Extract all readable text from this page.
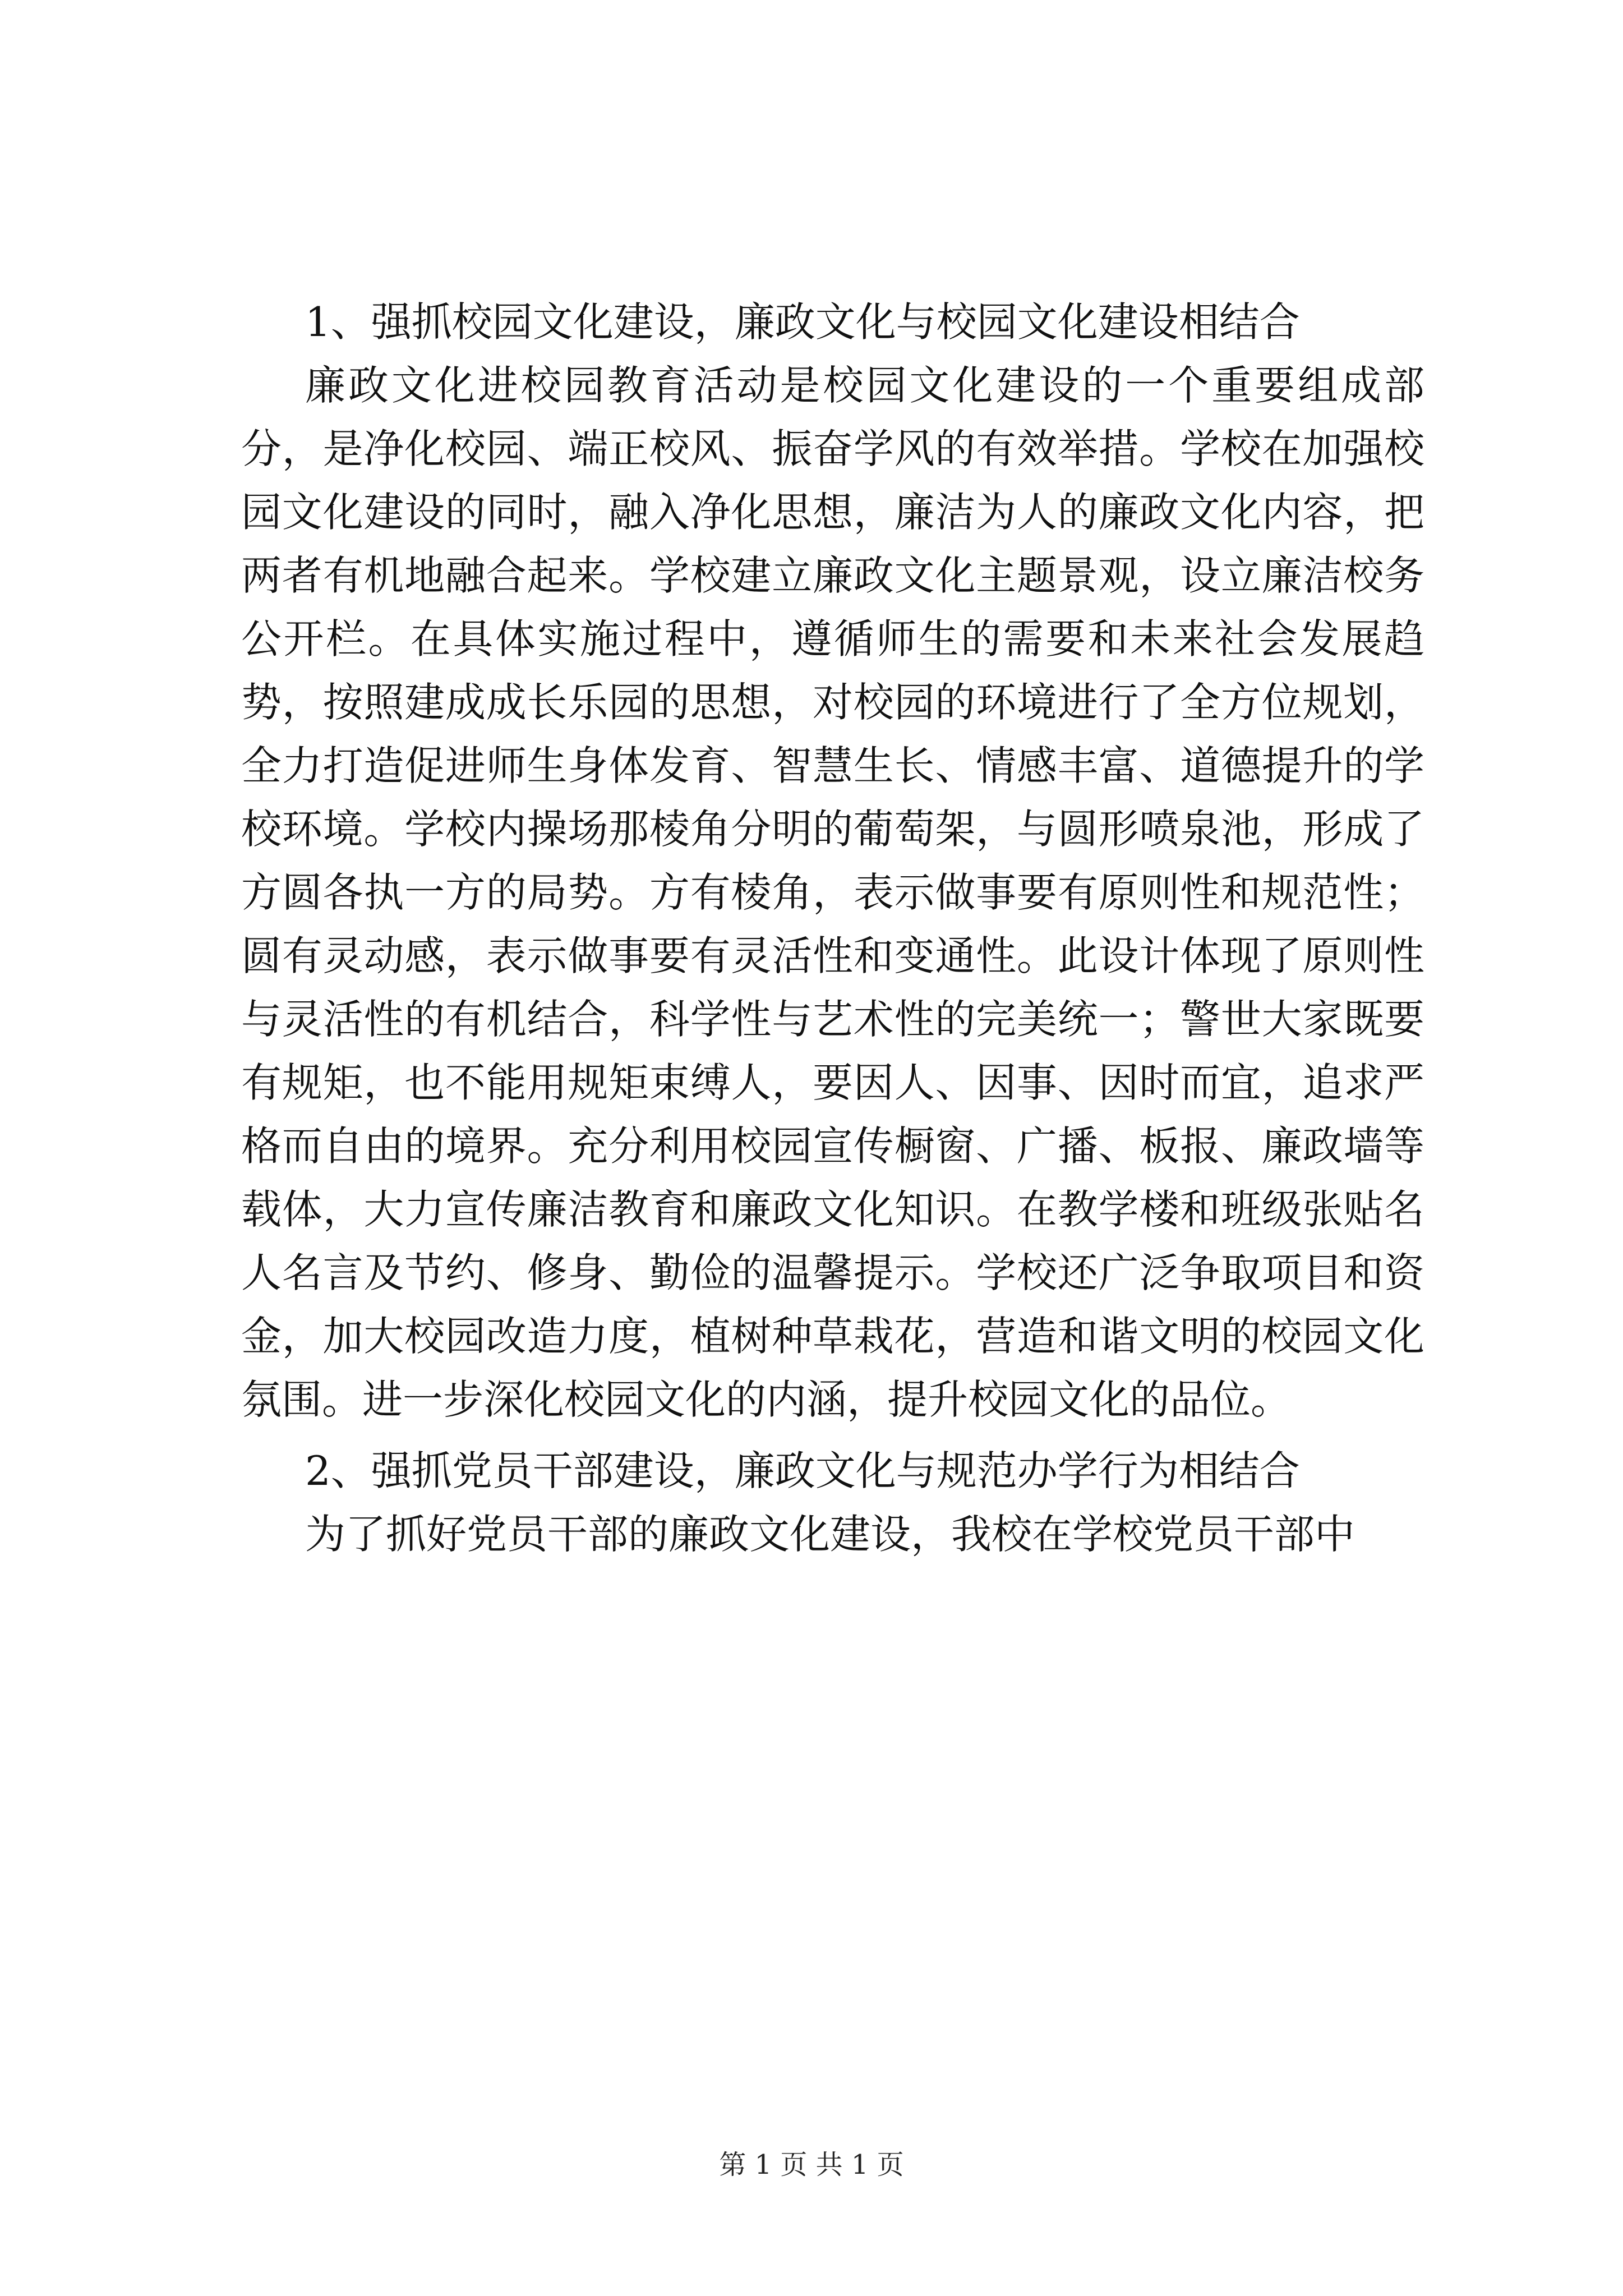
1、强抓校园文化建设，廉政文化与校园文化建设相结合

廉政文化进校园教育活动是校园文化建设的一个重要组成部分，是净化校园、端正校风、振奋学风的有效举措。学校在加强校园文化建设的同时，融入净化思想，廉洁为人的廉政文化内容，把两者有机地融合起来。学校建立廉政文化主题景观，设立廉洁校务公开栏。在具体实施过程中，遵循师生的需要和未来社会发展趋势，按照建成成长乐园的思想，对校园的环境进行了全方位规划，全力打造促进师生身体发育、智慧生长、情感丰富、道德提升的学校环境。学校内操场那棱角分明的葡萄架，与圆形喷泉池，形成了方圆各执一方的局势。方有棱角，表示做事要有原则性和规范性；圆有灵动感，表示做事要有灵活性和变通性。此设计体现了原则性与灵活性的有机结合，科学性与艺术性的完美统一；警世大家既要有规矩，也不能用规矩束缚人，要因人、因事、因时而宜，追求严格而自由的境界。充分利用校园宣传橱窗、广播、板报、廉政墙等载体，大力宣传廉洁教育和廉政文化知识。在教学楼和班级张贴名人名言及节约、修身、勤俭的温馨提示。学校还广泛争取项目和资金，加大校园改造力度，植树种草栽花，营造和谐文明的校园文化氛围。进一步深化校园文化的内涵，提升校园文化的品位。

2、强抓党员干部建设，廉政文化与规范办学行为相结合

为了抓好党员干部的廉政文化建设，我校在学校党员干部中

第 1 页 共 1 页
